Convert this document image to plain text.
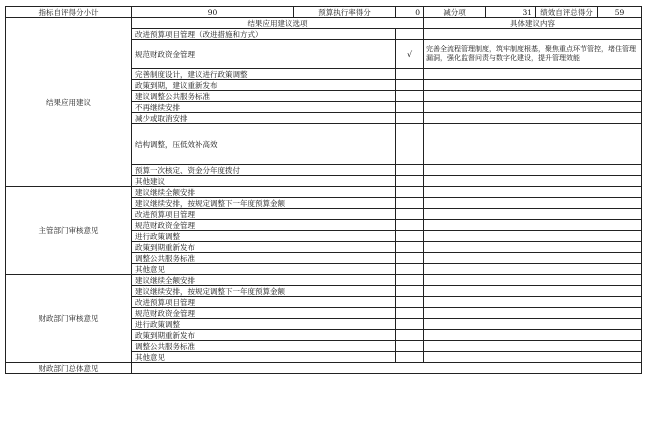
指标自评得分小计	90	预算执行率得分	0	减分项	31	绩效自评总得分	59
结果应用建议	结果应用建议选项			具体建议内容			
	改进预算项目管理（改进措施和方式）						
	规范财政资金管理		√	完善全流程管理制度，筑牢制度根基，聚焦重点环节管控，堵住管理漏洞，强化监督问责与数字化建设，提升管理效能			
	完善制度设计，建议进行政策调整						
	政策到期，建议重新发布						
	建议调整公共服务标准						
	不再继续安排						
	减少或取消安排						
	结构调整，压低效补高效						
	预算一次核定、资金分年度拨付						
	其他建议						
主管部门审核意见	建议继续全额安排						
	建议继续安排，按规定调整下一年度预算金额						
	改进预算项目管理						
	规范财政资金管理						
	进行政策调整						
	政策到期重新发布						
	调整公共服务标准						
	其他意见						
财政部门审核意见	建议继续全额安排						
	建议继续安排，按规定调整下一年度预算金额						
	改进预算项目管理						
	规范财政资金管理						
	进行政策调整						
	政策到期重新发布						
	调整公共服务标准						
	其他意见						
财政部门总体意见							
